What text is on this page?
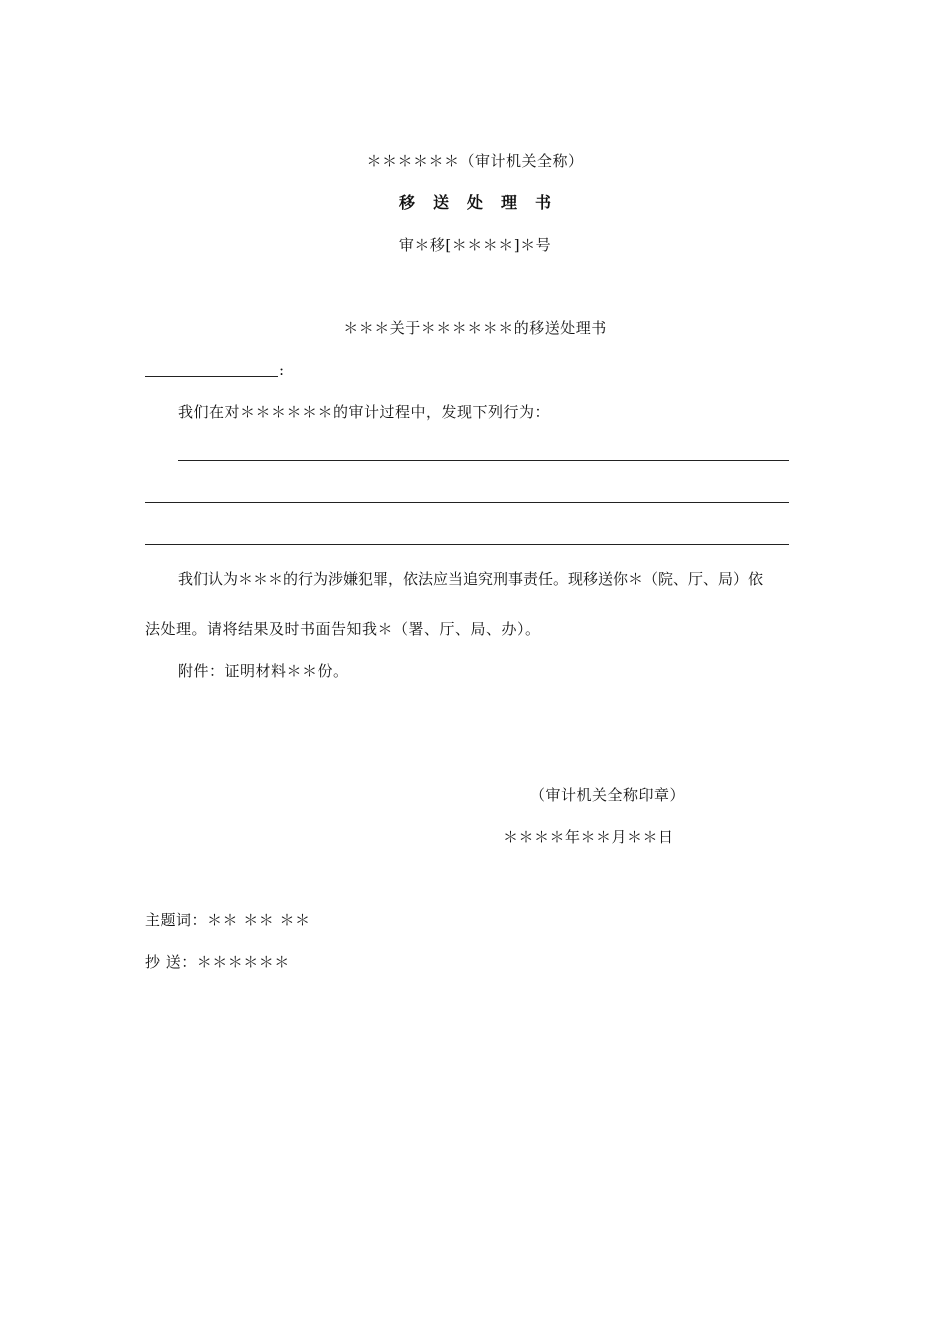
＊＊＊＊＊＊（审计机关全称）
移送处理书
审＊移[＊＊＊＊]＊号
＊＊＊关于＊＊＊＊＊＊的移送处理书
:
我们在对＊＊＊＊＊＊的审计过程中，发现下列行为：
我们认为＊＊＊的行为涉嫌犯罪，依法应当追究刑事责任。现移送你＊（院、厅、局）依
法处理。请将结果及时书面告知我＊（署、厅、局、办）。
附件：证明材料＊＊份。
（审计机关全称印章）
＊＊＊＊年＊＊月＊＊日
主题词：＊＊ ＊＊ ＊＊
抄 送：＊＊＊＊＊＊
